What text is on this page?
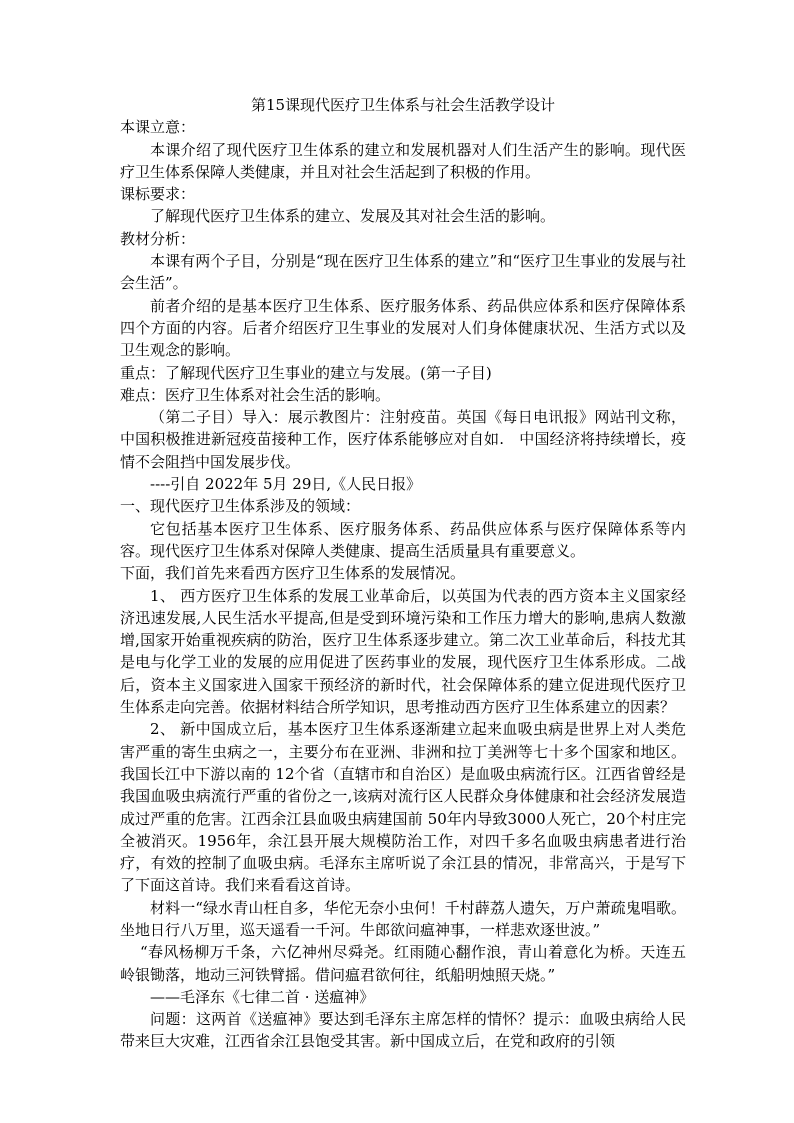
第15课现代医疗卫生体系与社会生活教学设计

本课立意：

本课介绍了现代医疗卫生体系的建立和发展机器对人们生活产生的影响。现代医疗卫生体系保障人类健康，并且对社会生活起到了积极的作用。

课标要求：

了解现代医疗卫生体系的建立、发展及其对社会生活的影响。

教材分析：

本课有两个子目，分别是“现在医疗卫生体系的建立”和“医疗卫生事业的发展与社会生活”。

前者介绍的是基本医疗卫生体系、医疗服务体系、药品供应体系和医疗保障体系四个方面的内容。后者介绍医疗卫生事业的发展对人们身体健康状况、生活方式以及卫生观念的影响。

重点：了解现代医疗卫生事业的建立与发展。(第一子目)

难点：医疗卫生体系对社会生活的影响。

（第二子目）导入：展示教图片：注射疫苗。英国《每日电讯报》网站刊文称，中国积极推进新冠疫苗接种工作，医疗体系能够应对自如.　中国经济将持续增长，疫情不会阻挡中国发展步伐。

----引自 2022年 5月 29日,《人民日报》

一、现代医疗卫生体系涉及的领域：

它包括基本医疗卫生体系、医疗服务体系、药品供应体系与医疗保障体系等内容。现代医疗卫生体系对保障人类健康、提高生活质量具有重要意义。

下面，我们首先来看西方医疗卫生体系的发展情况。

1、 西方医疗卫生体系的发展工业革命后，以英国为代表的西方资本主义国家经济迅速发展,人民生活水平提高,但是受到环境污染和工作压力增大的影响,患病人数激增,国家开始重视疾病的防治，医疗卫生体系逐步建立。第二次工业革命后，科技尤其是电与化学工业的发展的应用促进了医药事业的发展，现代医疗卫生体系形成。二战后，资本主义国家进入国家干预经济的新时代，社会保障体系的建立促进现代医疗卫生体系走向完善。依据材料结合所学知识，思考推动西方医疗卫生体系建立的因素？

2、 新中国成立后，基本医疗卫生体系逐渐建立起来血吸虫病是世界上对人类危害严重的寄生虫病之一，主要分布在亚洲、非洲和拉丁美洲等七十多个国家和地区。我国长江中下游以南的 12个省（直辖市和自治区）是血吸虫病流行区。江西省曾经是我国血吸虫病流行严重的省份之一,该病对流行区人民群众身体健康和社会经济发展造成过严重的危害。江西余江县血吸虫病建国前 50年内导致3000人死亡，20个村庄完全被消灭。1956年，余江县开展大规模防治工作，对四千多名血吸虫病患者进行治疗，有效的控制了血吸虫病。毛泽东主席听说了余江县的情况，非常高兴，于是写下了下面这首诗。我们来看看这首诗。

材料一“绿水青山枉自多，华佗无奈小虫何！千村薜荔人遗矢，万户萧疏鬼唱歌。坐地日行八万里，巡天遥看一千河。牛郎欲问瘟神事，一样悲欢逐世波。”

“春风杨柳万千条，六亿神州尽舜尧。红雨随心翻作浪，青山着意化为桥。天连五岭银锄落，地动三河铁臂摇。借问瘟君欲何往，纸船明烛照天烧。”

——毛泽东《七律二首 · 送瘟神》

问题：这两首《送瘟神》要达到毛泽东主席怎样的情怀？提示：血吸虫病给人民带来巨大灾难，江西省余江县饱受其害。新中国成立后，在党和政府的引领
